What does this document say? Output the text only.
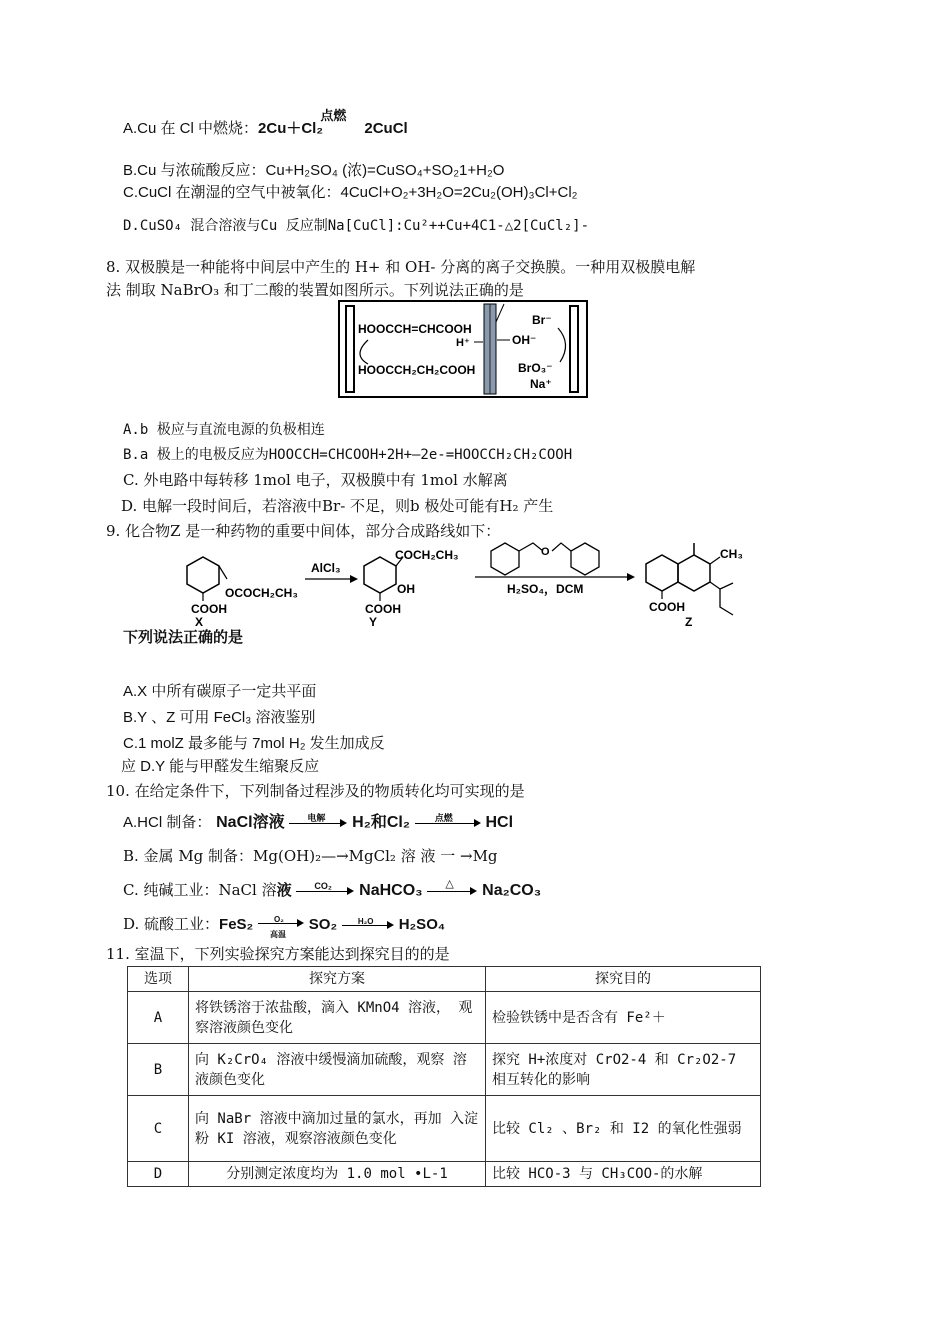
A.Cu 在 Cl 中燃烧：2Cu＋Cl
点燃
₂	2CuCl
B.Cu 与浓硫酸反应：Cu+H₂SO₄ (浓)=CuSO₄+SO₂1+H₂O
C.CuCl 在潮湿的空气中被氧化：4CuCl+O₂+3H₂O=2Cu₂(OH)₃Cl+Cl₂
D.CuSO₄ 混合溶液与Cu 反应制Na[CuCl]:Cu²++Cu+4C1-△2[CuCl₂]-
8. 双极膜是一种能将中间层中产生的 H+ 和 OH- 分离的离子交换膜。一种用双极膜电解
法 制取 NaBrO₃ 和丁二酸的装置如图所示。下列说法正确的是
HOOCCH=CHCOOH
H⁺
HOOCCH₂CH₂COOH
Br⁻
OH⁻
BrO₃⁻
Na⁺
A.b 极应与直流电源的负极相连
B.a 极上的电极反应为HOOCCH=CHCOOH+2H+—2e-=HOOCCH₂CH₂COOH
C. 外电路中每转移 1mol 电子，双极膜中有 1mol 水解离
D. 电解一段时间后，若溶液中Br- 不足，则b 极处可能有H₂ 产生
9. 化合物Z 是一种药物的重要中间体，部分合成路线如下：
OCOCH₂CH₃
COOH
X
AlCl₃
COCH₂CH₃
OH
COOH
Y
O
H₂SO₄，DCM
CH₃
COOH
Z
下列说法正确的是
A.X 中所有碳原子一定共平面
B.Y 、Z 可用 FeCl₃ 溶液鉴别
C.1 molZ 最多能与 7mol H₂ 发生加成反
应 D.Y 能与甲醛发生缩聚反应
10. 在给定条件下，下列制备过程涉及的物质转化均可实现的是
A.HCl 制备： NaCl溶液	电解 H₂和Cl₂	点燃 HCl
B. 金属 Mg 制备：Mg(OH)₂—→MgCl₂ 溶 液 一 →Mg
C. 纯碱工业：NaCl 溶液	CO₂ NaHCO₃ △ Na₂CO₃
D. 硫酸工业：FeS₂	O₂
高温
SO₂	H₂O H₂SO₄
11. 室温下，下列实验探究方案能达到探究目的的是
选项	探究方案	探究目的
A	将铁锈溶于浓盐酸，滴入 KMnO4 溶液， 观察溶液颜色变化	检验铁锈中是否含有 Fe²＋
B	向 K₂CrO₄ 溶液中缓慢滴加硫酸，观察 溶液颜色变化	探究 H+浓度对 CrO2-4 和 Cr₂O2-7 相互转化的影响
C	向 NaBr 溶液中滴加过量的氯水，再加 入淀粉 KI 溶液，观察溶液颜色变化	比较 Cl₂ 、Br₂ 和 I2 的氧化性强弱
D	分别测定浓度均为 1.0 mol •L-1	比较 HCO-3 与 CH₃COO-的水解
